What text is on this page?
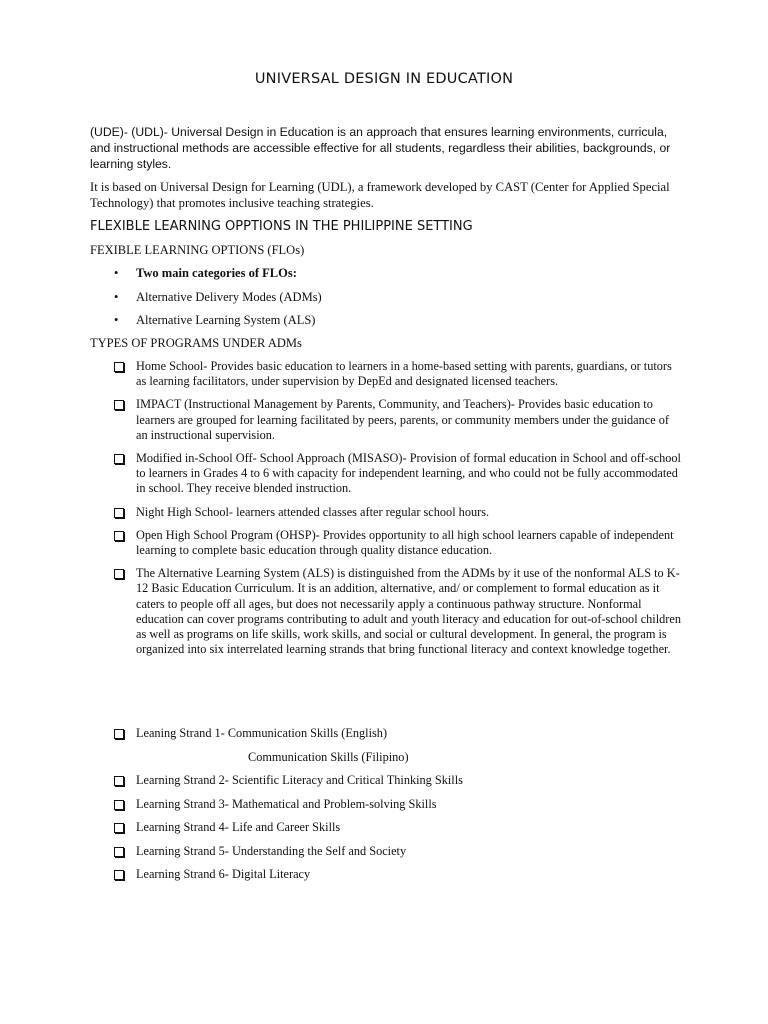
UNIVERSAL DESIGN IN EDUCATION
(UDE)- (UDL)- Universal Design in Education is an approach that ensures learning environments, curricula, and instructional methods are accessible effective for all students, regardless their abilities, backgrounds, or learning styles.
It is based on Universal Design for Learning (UDL), a framework developed by CAST (Center for Applied Special Technology) that promotes inclusive teaching strategies.
FLEXIBLE LEARNING OPPTIONS IN THE PHILIPPINE SETTING
FEXIBLE LEARNING OPTIONS (FLOs)
• Two main categories of FLOs:
• Alternative Delivery Modes (ADMs)
• Alternative Learning System (ALS)
TYPES OF PROGRAMS UNDER ADMs
Home School- Provides basic education to learners in a home-based setting with parents, guardians, or tutors as learning facilitators, under supervision by DepEd and designated licensed teachers.
IMPACT (Instructional Management by Parents, Community, and Teachers)- Provides basic education to learners are grouped for learning facilitated by peers, parents, or community members under the guidance of an instructional supervision.
Modified in-School Off- School Approach (MISASO)- Provision of formal education in School and off-school to learners in Grades 4 to 6 with capacity for independent learning, and who could not be fully accommodated in school. They receive blended instruction.
Night High School- learners attended classes after regular school hours.
Open High School Program (OHSP)- Provides opportunity to all high school learners capable of independent learning to complete basic education through quality distance education.
The Alternative Learning System (ALS) is distinguished from the ADMs by it use of the nonformal ALS to K-12 Basic Education Curriculum. It is an addition, alternative, and/ or complement to formal education as it caters to people off all ages, but does not necessarily apply a continuous pathway structure. Nonformal education can cover programs contributing to adult and youth literacy and education for out-of-school children as well as programs on life skills, work skills, and social or cultural development. In general, the program is organized into six interrelated learning strands that bring functional literacy and context knowledge together.
Leaning Strand 1- Communication Skills (English)
Communication Skills (Filipino)
Learning Strand 2- Scientific Literacy and Critical Thinking Skills
Learning Strand 3- Mathematical and Problem-solving Skills
Learning Strand 4- Life and Career Skills
Learning Strand 5- Understanding the Self and Society
Learning Strand 6- Digital Literacy
